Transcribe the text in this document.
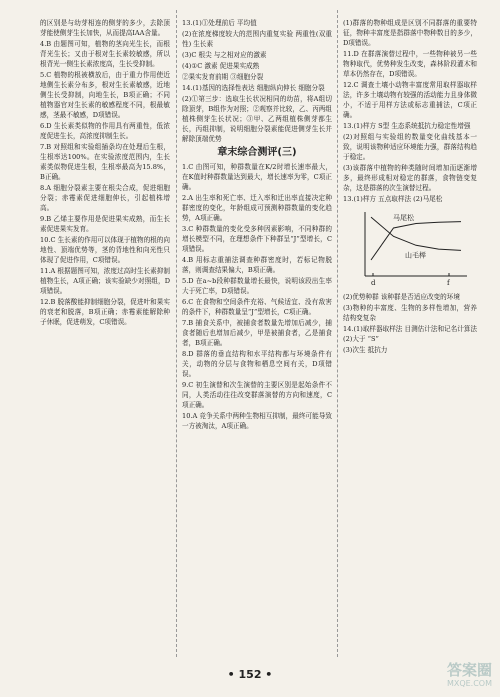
的区别是与幼芽相连的侧芽的多少，去除顶芽能使侧芽生长加快，从而提高IAA含量。

4.B 由题图可知，植物的茎向光生长，而根背光生长；又由于根对生长素较敏感，所以根背光一侧生长素浓度高，生长受抑制。

5.C 植物的根被横放后，由于重力作用使近地侧生长素分布多，根对生长素敏感，近地侧生长受抑制，向地生长，B项正确；不同植物器官对生长素的敏感程度不同，根最敏感，茎最不敏感，D项错误。

6.D 生长素类似物的作用具有两重性，低浓度促进生长，高浓度抑制生长。

7.B 对照组和实验组插条均在处理后生根，生根率达100%。在实验浓度范围内，生长素类似物促进生根，生根率最高为15.8%，B正确。

8.A 细胞分裂素主要在根尖合成，促进细胞分裂；赤霉素促进细胞伸长，引起植株增高。

9.B 乙烯主要作用是促进果实成熟，而生长素促进果实发育。

10.C 生长素的作用可以体现于植物的根的向地性、顶端优势等，茎的背地性和向光性只体现了促进作用，C项错误。

11.A 根据题图可知，浓度过高时生长素抑制植物生长，A项正确；该实验缺少对照组，D项错误。

12.B 脱落酸能抑制细胞分裂，促进叶和果实的衰老和脱落，B项正确；赤霉素能解除种子休眠，促进萌发，C项错误。

13.(1)①处理前后 平均值

(2)在浓度梯度较大的范围内重复实验 两重性(双重性) 生长素

(3)C 根尖 与之相对应的激素

(4)①C 激素 促进果实成熟

②果实发育前期 ③细胞分裂

14.(1)基因的选择性表达 细胞纵向伸长 细胞分裂

(2)①第三步：选取生长状况相同的幼苗，将A组切除顶芽，B组作为对照；②观察并比较，乙、丙两组植株侧芽生长状况；③甲、乙两组植株侧芽都生长，丙组抑制，说明细胞分裂素能促进侧芽生长并解除顶端优势

章末综合测评(三)

1.C 由图可知，种群数量在K/2时增长速率最大，在K值时种群数量达到最大，增长速率为零，C项正确。

2.A 出生率和死亡率、迁入率和迁出率直接决定种群密度的变化，年龄组成可预测种群数量的变化趋势，A项正确。

3.C 种群数量的变化受多种因素影响，不同种群的增长模型不同，在理想条件下种群呈“J”型增长，C项错误。

4.B 用标志重捕法调查种群密度时，若标记物脱落，则调查结果偏大，B项正确。

5.D 在a~b段种群数量增长最快，说明该段出生率大于死亡率，D项错误。

6.C 在食物和空间条件充裕、气候适宜、没有敌害的条件下，种群数量呈“J”型增长，C项正确。

7.B 捕食关系中，被捕食者数量先增加后减少，捕食者随后也增加后减少，甲是被捕食者，乙是捕食者，B项正确。

8.D 群落的垂直结构和水平结构都与环境条件有关，动物的分层与食物和栖息空间有关，D项错误。

9.C 初生演替和次生演替的主要区别是起始条件不同，人类活动往往改变群落演替的方向和速度，C项正确。

10.A 竞争关系中两种生物相互抑制，最终可能导致一方被淘汰，A项正确。

(1)群落的物种组成是区别不同群落的重要特征，物种丰富度是指群落中物种数目的多少，D项错误。

11.D 在群落演替过程中，一些物种被另一些物种取代，优势种发生改变，森林阶段灌木和草本仍然存在，D项错误。

12.C 调查土壤小动物丰富度常用取样器取样法，许多土壤动物有较强的活动能力且身体微小，不适于用样方法或标志重捕法，C项正确。

13.(1)样方 S型 生态系统抵抗力稳定性增强

(2)对照组与实验组的数量变化曲线基本一致，说明该物种适应环境能力强，群落结构趋于稳定。

(3)该群落中植物的种类随时间增加而逐渐增多，最终形成相对稳定的群落，食物链变复杂，这是群落的次生演替过程。

13.(1)样方 五点取样法 (2)马尾松

马尾松
山毛榉
d	f

(2)优势种群 该种群是否适应改变的环境

(3)物种的丰富度、生物的多样性增加，营养结构变复杂

14.(1)取样器取样法 目测估计法和记名计算法 (2)大于 “S”

(3)次生 抵抗力

• 152 •	答案圈
MXQE.COM
